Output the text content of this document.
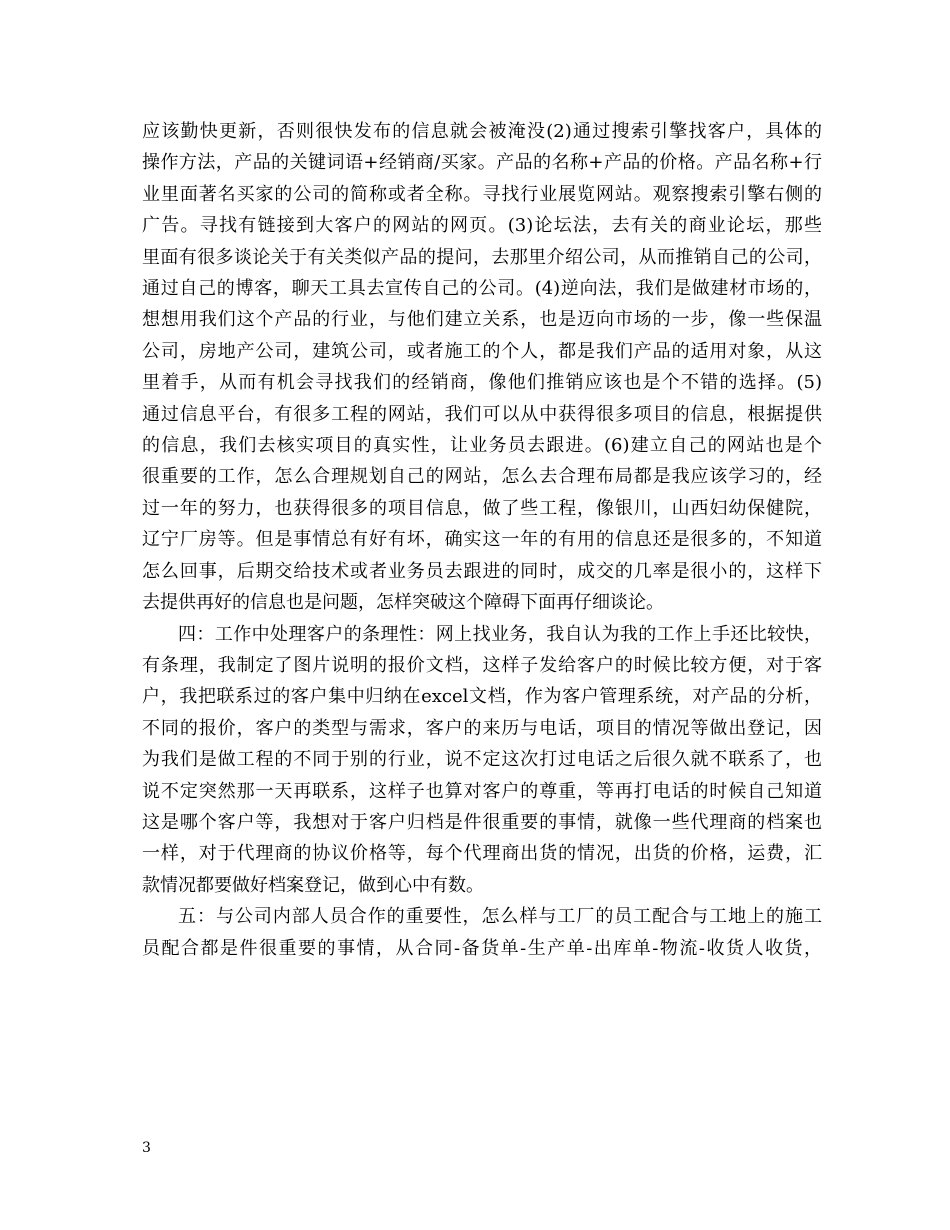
应该勤快更新，否则很快发布的信息就会被淹没(2)通过搜索引擎找客户，具体的
操作方法，产品的关键词语+经销商/买家。产品的名称+产品的价格。产品名称+行
业里面著名买家的公司的简称或者全称。寻找行业展览网站。观察搜索引擎右侧的
广告。寻找有链接到大客户的网站的网页。(3)论坛法，去有关的商业论坛，那些
里面有很多谈论关于有关类似产品的提问，去那里介绍公司，从而推销自己的公司，
通过自己的博客，聊天工具去宣传自己的公司。(4)逆向法，我们是做建材市场的，
想想用我们这个产品的行业，与他们建立关系，也是迈向市场的一步，像一些保温
公司，房地产公司，建筑公司，或者施工的个人，都是我们产品的适用对象，从这
里着手，从而有机会寻找我们的经销商，像他们推销应该也是个不错的选择。(5)
通过信息平台，有很多工程的网站，我们可以从中获得很多项目的信息，根据提供
的信息，我们去核实项目的真实性，让业务员去跟进。(6)建立自己的网站也是个
很重要的工作，怎么合理规划自己的网站，怎么去合理布局都是我应该学习的，经
过一年的努力，也获得很多的项目信息，做了些工程，像银川，山西妇幼保健院，
辽宁厂房等。但是事情总有好有坏，确实这一年的有用的信息还是很多的，不知道
怎么回事，后期交给技术或者业务员去跟进的同时，成交的几率是很小的，这样下
去提供再好的信息也是问题，怎样突破这个障碍下面再仔细谈论。
四：工作中处理客户的条理性：网上找业务，我自认为我的工作上手还比较快，
有条理，我制定了图片说明的报价文档，这样子发给客户的时候比较方便，对于客
户，我把联系过的客户集中归纳在excel文档，作为客户管理系统，对产品的分析，
不同的报价，客户的类型与需求，客户的来历与电话，项目的情况等做出登记，因
为我们是做工程的不同于别的行业，说不定这次打过电话之后很久就不联系了，也
说不定突然那一天再联系，这样子也算对客户的尊重，等再打电话的时候自己知道
这是哪个客户等，我想对于客户归档是件很重要的事情，就像一些代理商的档案也
一样，对于代理商的协议价格等，每个代理商出货的情况，出货的价格，运费，汇
款情况都要做好档案登记，做到心中有数。
五：与公司内部人员合作的重要性，怎么样与工厂的员工配合与工地上的施工
员配合都是件很重要的事情，从合同-备货单-生产单-出库单-物流-收货人收货，
3
